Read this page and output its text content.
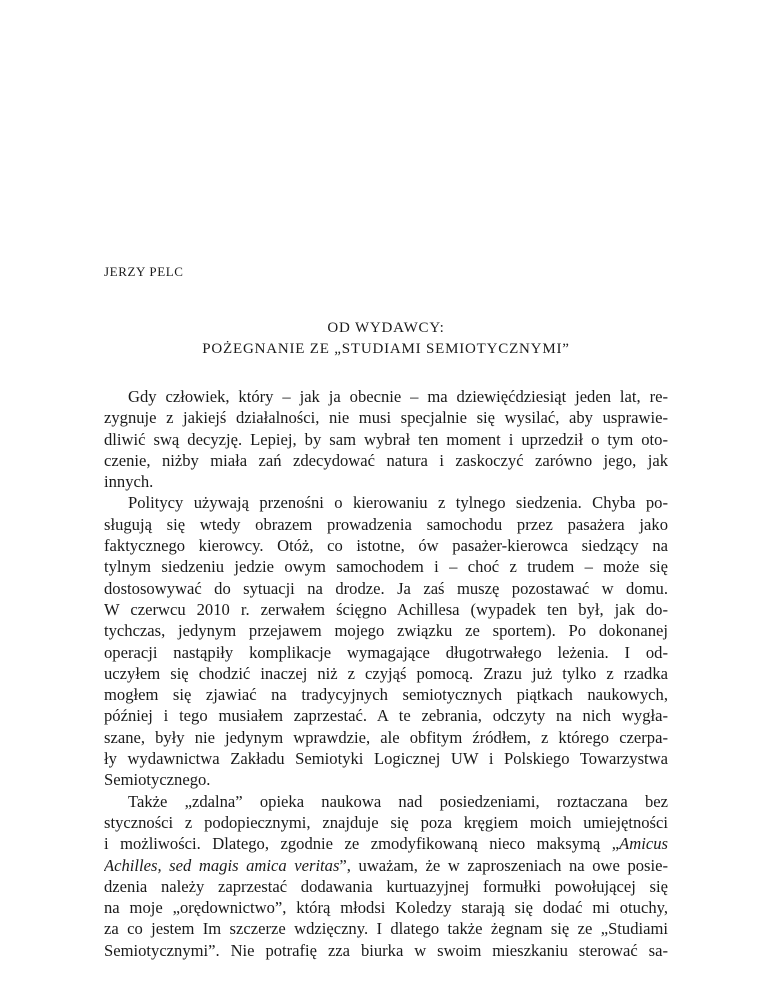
JERZY PELC
OD WYDAWCY:
POŻEGNANIE ZE „STUDIAMI SEMIOTYCZNYMI”
Gdy człowiek, który – jak ja obecnie – ma dziewięćdziesiąt jeden lat, re-
zygnuje z jakiejś działalności, nie musi specjalnie się wysilać, aby usprawie-
dliwić swą decyzję. Lepiej, by sam wybrał ten moment i uprzedził o tym oto-
czenie, niżby miała zań zdecydować natura i zaskoczyć zarówno jego, jak
innych.
Politycy używają przenośni o kierowaniu z tylnego siedzenia. Chyba po-
sługują się wtedy obrazem prowadzenia samochodu przez pasażera jako
faktycznego kierowcy. Otóż, co istotne, ów pasażer-kierowca siedzący na
tylnym siedzeniu jedzie owym samochodem i – choć z trudem – może się
dostosowywać do sytuacji na drodze. Ja zaś muszę pozostawać w domu.
W czerwcu 2010 r. zerwałem ścięgno Achillesa (wypadek ten był, jak do-
tychczas, jedynym przejawem mojego związku ze sportem). Po dokonanej
operacji nastąpiły komplikacje wymagające długotrwałego leżenia. I od-
uczyłem się chodzić inaczej niż z czyjąś pomocą. Zrazu już tylko z rzadka
mogłem się zjawiać na tradycyjnych semiotycznych piątkach naukowych,
później i tego musiałem zaprzestać. A te zebrania, odczyty na nich wygła-
szane, były nie jedynym wprawdzie, ale obfitym źródłem, z którego czerpa-
ły wydawnictwa Zakładu Semiotyki Logicznej UW i Polskiego Towarzystwa
Semiotycznego.
Także „zdalna” opieka naukowa nad posiedzeniami, roztaczana bez
styczności z podopiecznymi, znajduje się poza kręgiem moich umiejętności
i możliwości. Dlatego, zgodnie ze zmodyfikowaną nieco maksymą „Amicus
Achilles, sed magis amica veritas”, uważam, że w zaproszeniach na owe posie-
dzenia należy zaprzestać dodawania kurtuazyjnej formułki powołującej się
na moje „orędownictwo”, którą młodsi Koledzy starają się dodać mi otuchy,
za co jestem Im szczerze wdzięczny. I dlatego także żegnam się ze „Studiami
Semiotycznymi”. Nie potrafię zza biurka w swoim mieszkaniu sterować sa-
